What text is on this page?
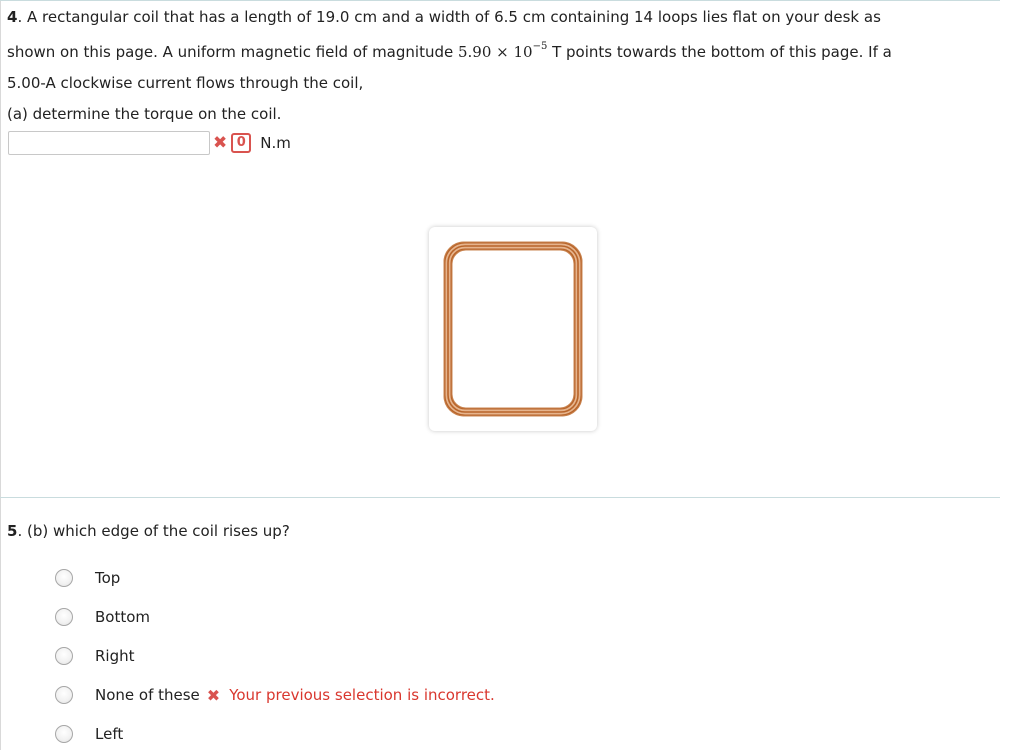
4. A rectangular coil that has a length of 19.0 cm and a width of 6.5 cm containing 14 loops lies flat on your desk as

shown on this page. A uniform magnetic field of magnitude $5.90 \times 10^{-5}$ T points towards the bottom of this page. If a

5.00-A clockwise current flows through the coil,

(a) determine the torque on the coil.

✖ 0 N.m
5. (b) which edge of the coil rises up?
Top
Bottom
Right
None of these ✖ Your previous selection is incorrect.
Left
